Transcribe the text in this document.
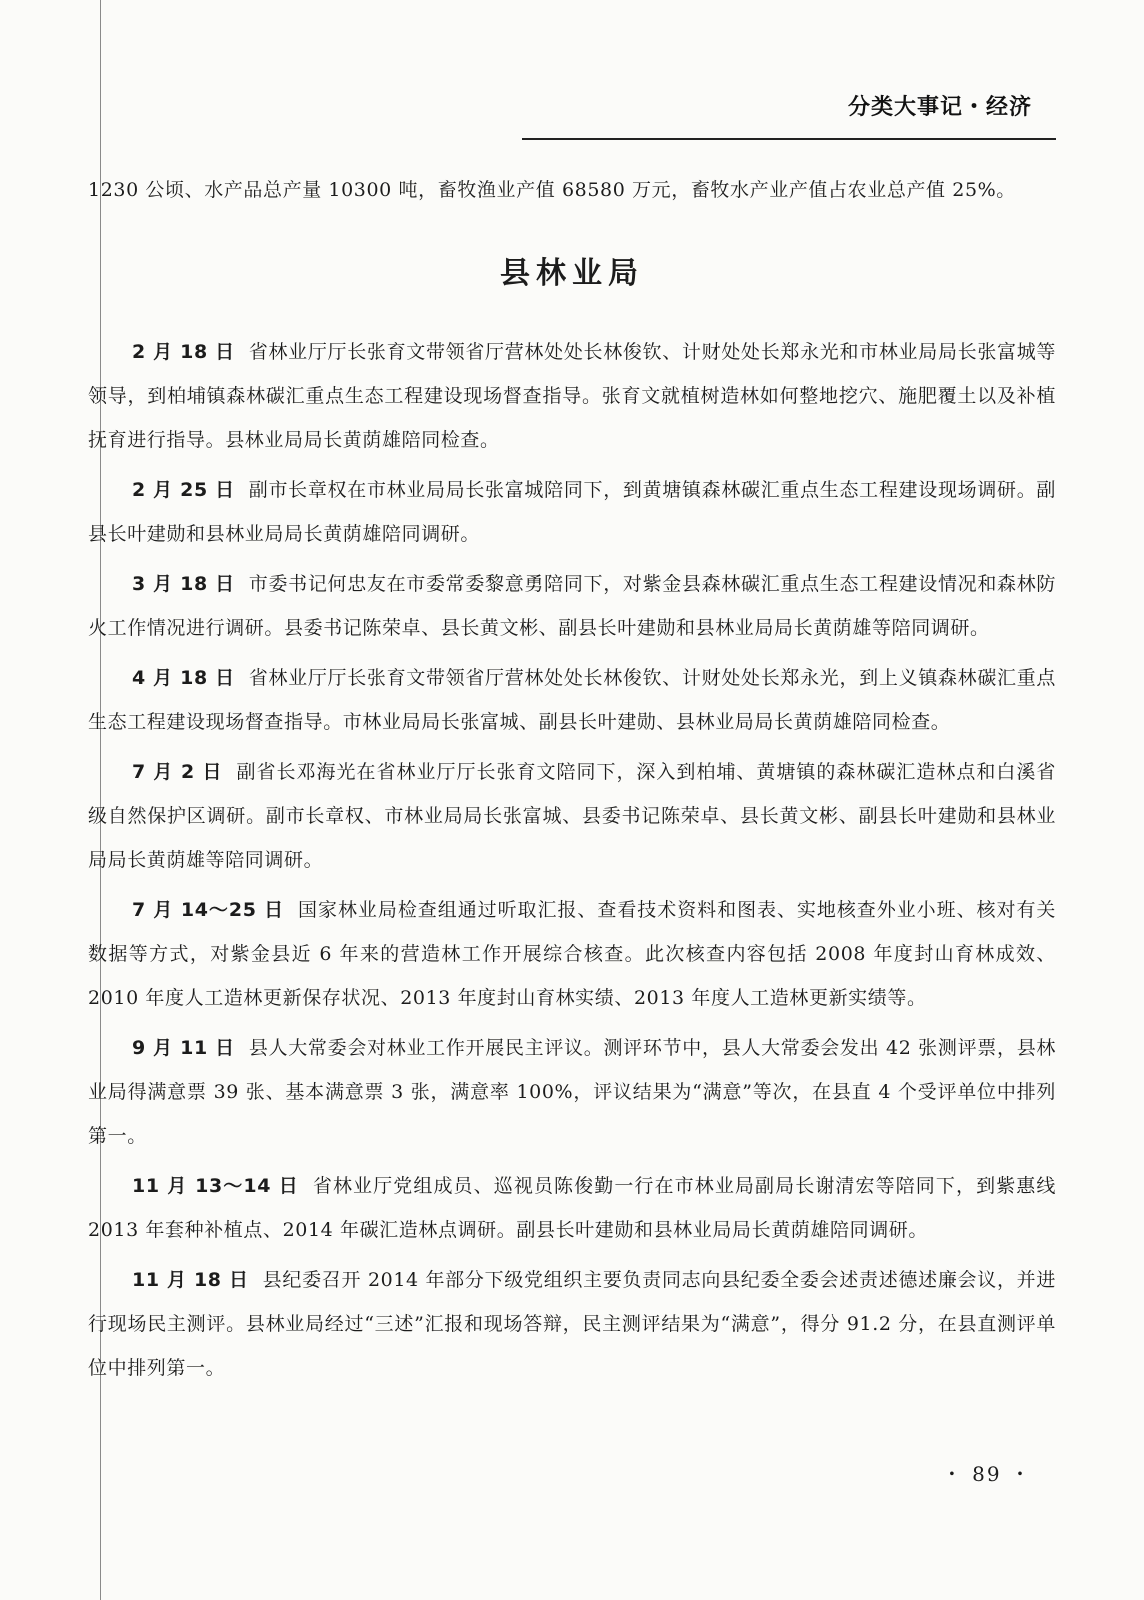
分类大事记・经济

1230 公顷、水产品总产量 10300 吨，畜牧渔业产值 68580 万元，畜牧水产业产值占农业总产值 25%。

县林业局

2 月 18 日 省林业厅厅长张育文带领省厅营林处处长林俊钦、计财处处长郑永光和市林业局局长张富城等领导，到柏埔镇森林碳汇重点生态工程建设现场督查指导。张育文就植树造林如何整地挖穴、施肥覆土以及补植抚育进行指导。县林业局局长黄荫雄陪同检查。

2 月 25 日 副市长章权在市林业局局长张富城陪同下，到黄塘镇森林碳汇重点生态工程建设现场调研。副县长叶建勋和县林业局局长黄荫雄陪同调研。

3 月 18 日 市委书记何忠友在市委常委黎意勇陪同下，对紫金县森林碳汇重点生态工程建设情况和森林防火工作情况进行调研。县委书记陈荣卓、县长黄文彬、副县长叶建勋和县林业局局长黄荫雄等陪同调研。

4 月 18 日 省林业厅厅长张育文带领省厅营林处处长林俊钦、计财处处长郑永光，到上义镇森林碳汇重点生态工程建设现场督查指导。市林业局局长张富城、副县长叶建勋、县林业局局长黄荫雄陪同检查。

7 月 2 日 副省长邓海光在省林业厅厅长张育文陪同下，深入到柏埔、黄塘镇的森林碳汇造林点和白溪省级自然保护区调研。副市长章权、市林业局局长张富城、县委书记陈荣卓、县长黄文彬、副县长叶建勋和县林业局局长黄荫雄等陪同调研。

7 月 14～25 日 国家林业局检查组通过听取汇报、查看技术资料和图表、实地核查外业小班、核对有关数据等方式，对紫金县近 6 年来的营造林工作开展综合核查。此次核查内容包括 2008 年度封山育林成效、2010 年度人工造林更新保存状况、2013 年度封山育林实绩、2013 年度人工造林更新实绩等。

9 月 11 日 县人大常委会对林业工作开展民主评议。测评环节中，县人大常委会发出 42 张测评票，县林业局得满意票 39 张、基本满意票 3 张，满意率 100%，评议结果为“满意”等次，在县直 4 个受评单位中排列第一。

11 月 13～14 日 省林业厅党组成员、巡视员陈俊勤一行在市林业局副局长谢清宏等陪同下，到紫惠线 2013 年套种补植点、2014 年碳汇造林点调研。副县长叶建勋和县林业局局长黄荫雄陪同调研。

11 月 18 日 县纪委召开 2014 年部分下级党组织主要负责同志向县纪委全委会述责述德述廉会议，并进行现场民主测评。县林业局经过“三述”汇报和现场答辩，民主测评结果为“满意”，得分 91.2 分，在县直测评单位中排列第一。

・ 89 ・
